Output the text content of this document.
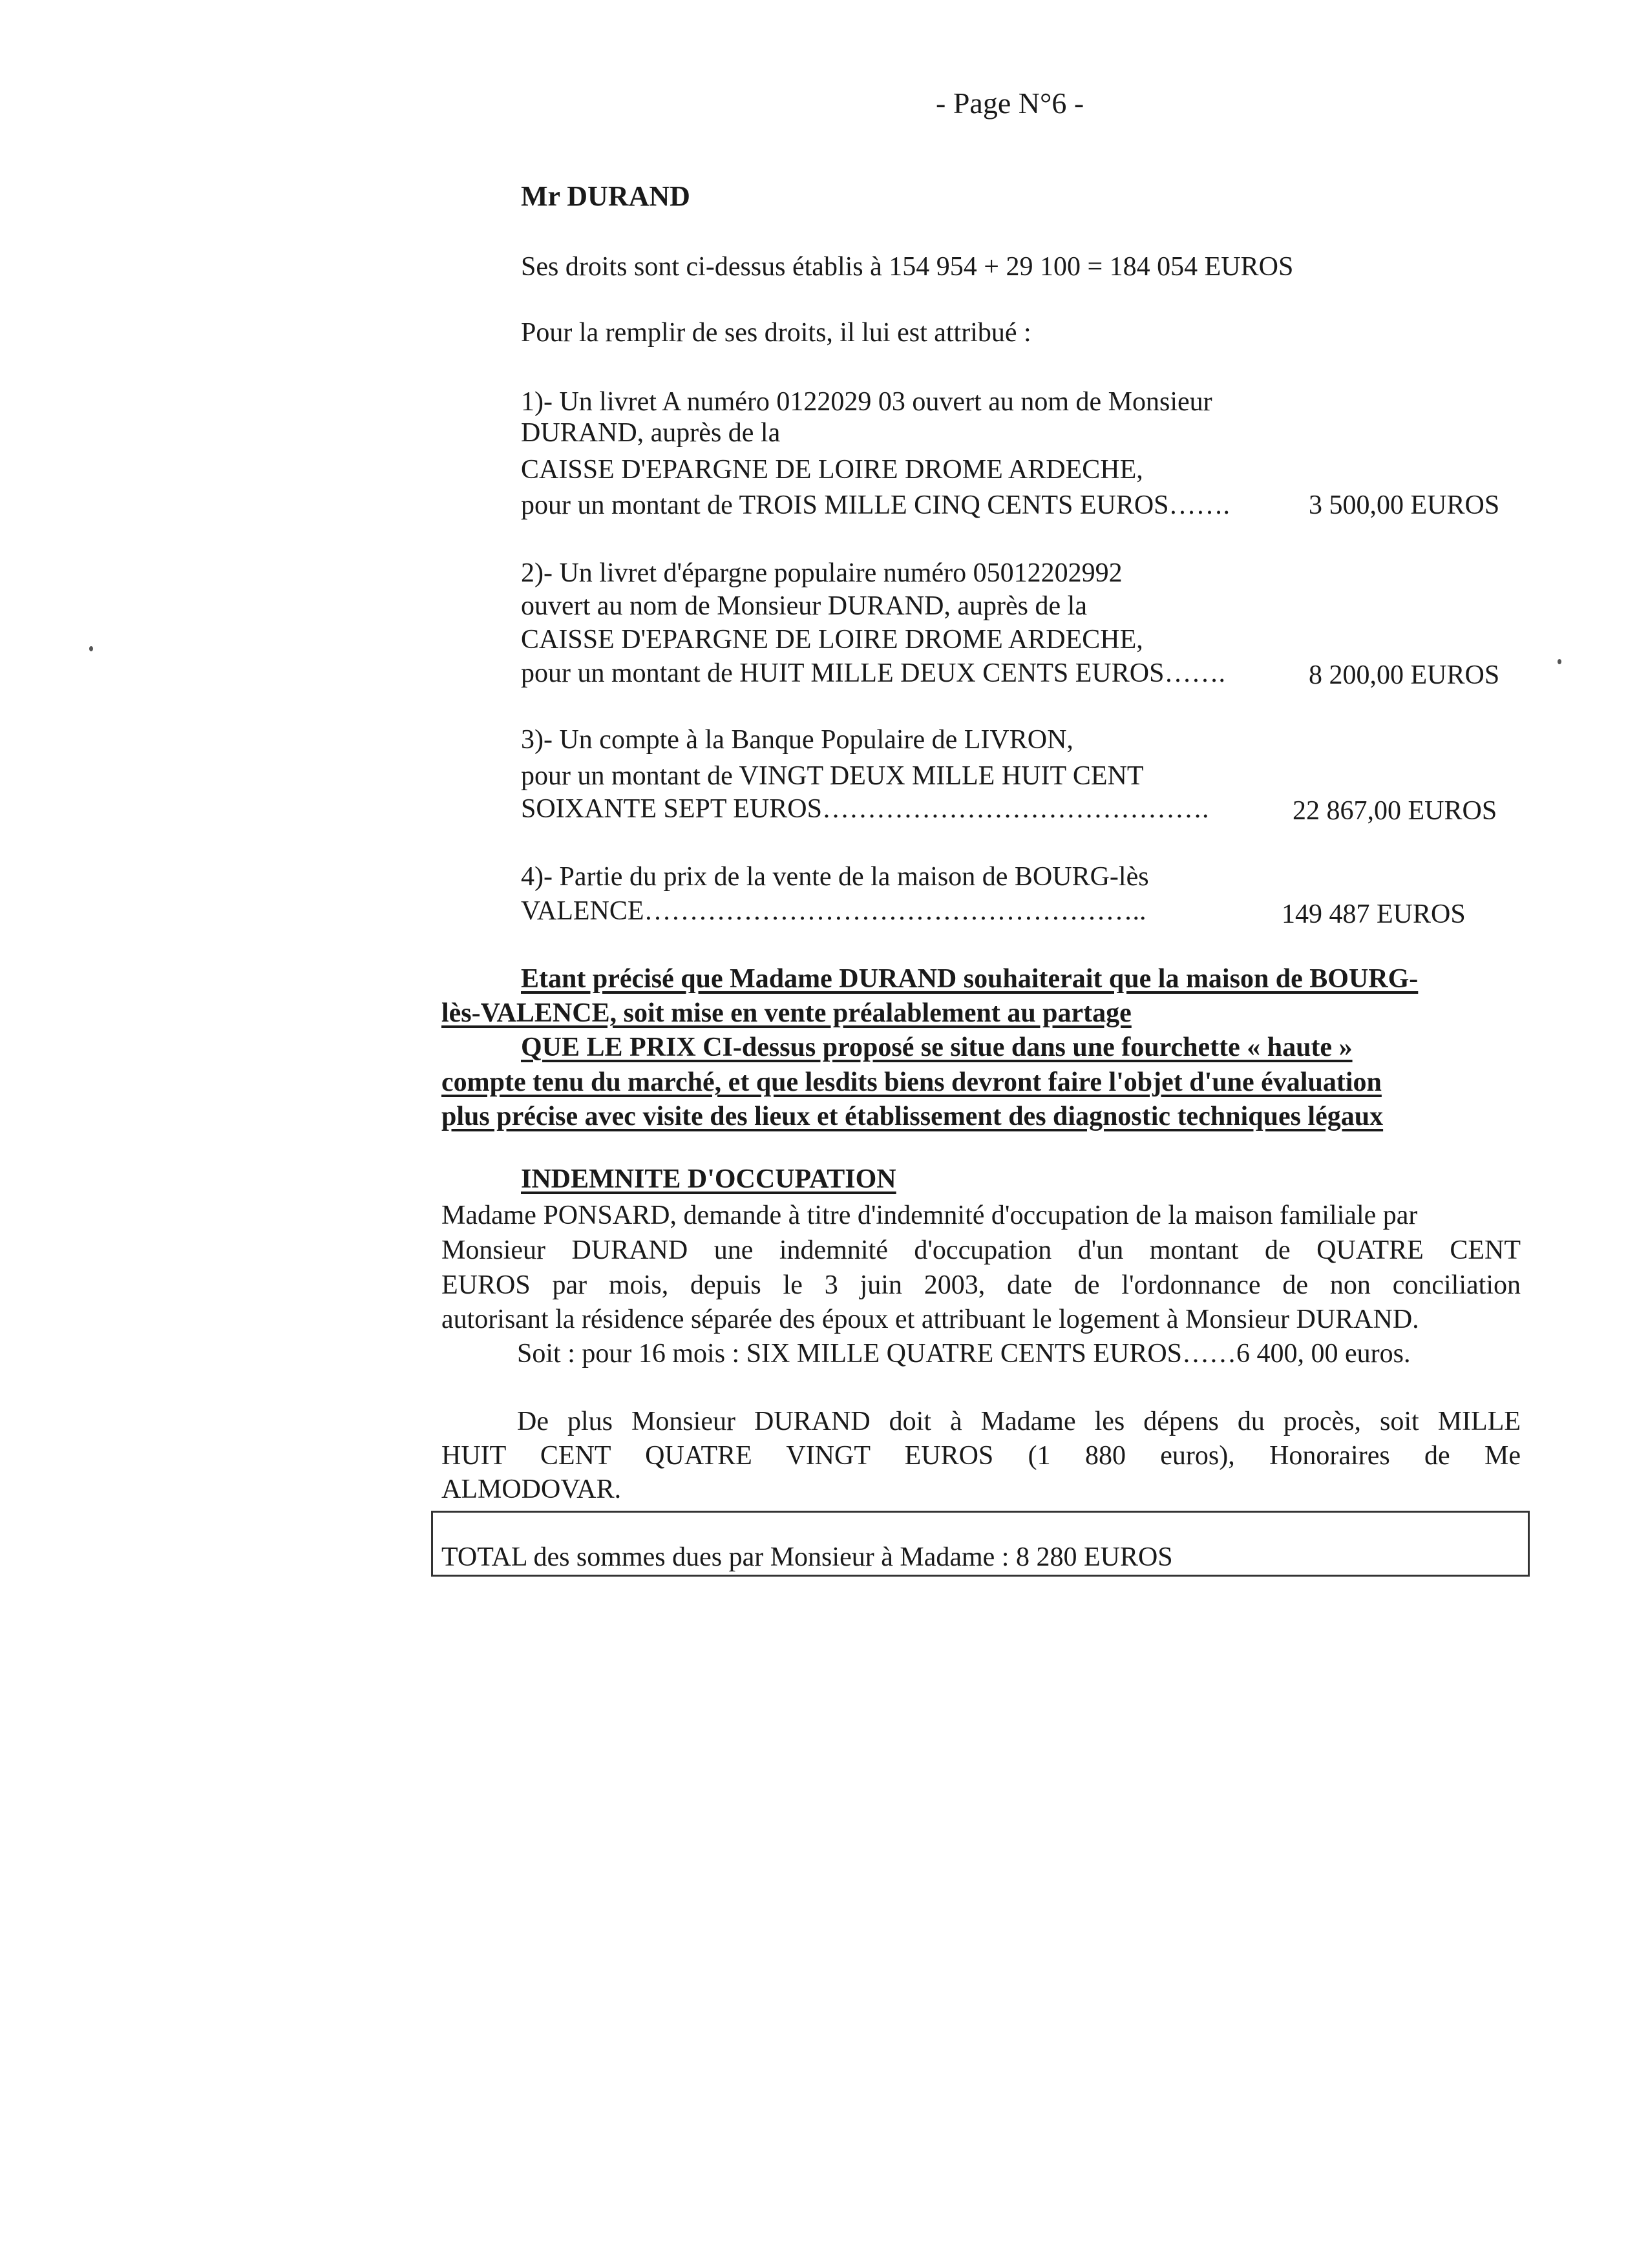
- Page N°6 -
Mr DURAND
Ses droits sont ci-dessus établis à 154 954 + 29 100 = 184 054 EUROS
Pour la remplir de ses droits, il lui est attribué :
1)- Un livret A numéro 0122029 03 ouvert au nom de Monsieur
DURAND, auprès de la
CAISSE D'EPARGNE DE LOIRE DROME ARDECHE,
pour un montant de TROIS MILLE CINQ CENTS EUROS…….	3 500,00 EUROS
2)- Un livret d'épargne populaire numéro 05012202992
ouvert au nom de Monsieur DURAND, auprès de la
CAISSE D'EPARGNE DE LOIRE DROME ARDECHE,
pour un montant de HUIT MILLE DEUX CENTS EUROS…….	8 200,00 EUROS
3)- Un compte à la Banque Populaire de LIVRON,
pour un montant de VINGT DEUX MILLE HUIT CENT
SOIXANTE SEPT EUROS…………………………………….	22 867,00 EUROS
4)- Partie du prix de la vente de la maison de BOURG-lès
VALENCE………………………………………………..	149 487 EUROS
Etant précisé que Madame DURAND souhaiterait que la maison de BOURG-
lès-VALENCE, soit mise en vente préalablement au partage
QUE LE PRIX CI-dessus proposé se situe dans une fourchette « haute »
compte tenu du marché, et que lesdits biens devront faire l'objet d'une évaluation
plus précise avec visite des lieux et établissement des diagnostic techniques légaux
INDEMNITE D'OCCUPATION
Madame PONSARD, demande à titre d'indemnité d'occupation de la maison familiale par
Monsieur DURAND une indemnité d'occupation d'un montant de QUATRE CENT
EUROS par mois, depuis le 3 juin 2003, date de l'ordonnance de non conciliation
autorisant la résidence séparée des époux et attribuant le logement à Monsieur DURAND.
Soit : pour 16 mois : SIX MILLE QUATRE CENTS EUROS……6 400, 00 euros.
De plus Monsieur DURAND doit à Madame les dépens du procès, soit MILLE
HUIT CENT QUATRE VINGT EUROS (1 880 euros), Honoraires de Me
ALMODOVAR.
TOTAL des sommes dues par Monsieur à Madame : 8 280 EUROS
